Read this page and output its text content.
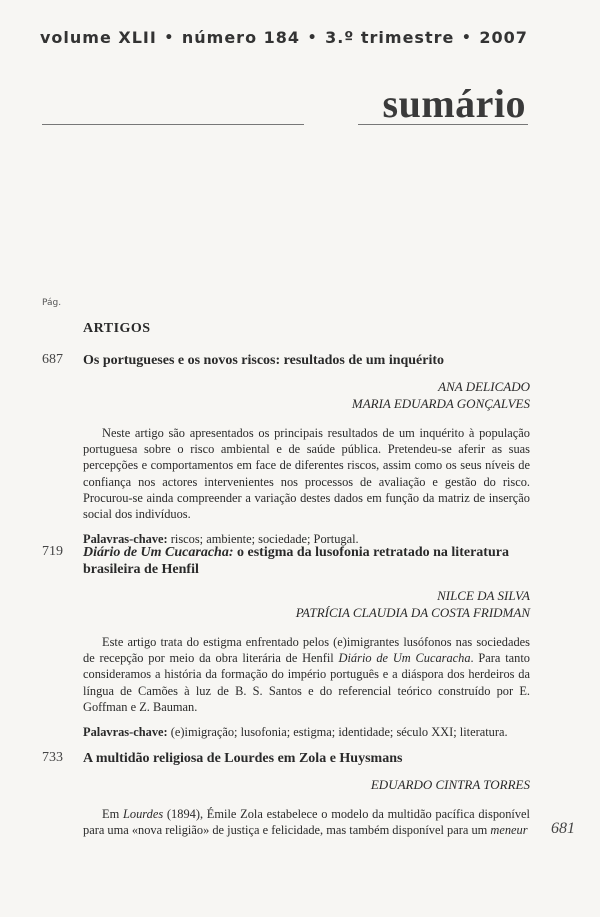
volume XLII • número 184 • 3.º trimestre • 2007
sumário
Pág.
ARTIGOS
687	Os portugueses e os novos riscos: resultados de um inquérito
ANA DELICADO
MARIA EDUARDA GONÇALVES
Neste artigo são apresentados os principais resultados de um inquérito à população portuguesa sobre o risco ambiental e de saúde pública. Pretendeu-se aferir as suas percepções e comportamentos em face de diferentes riscos, assim como os seus níveis de confiança nos actores intervenientes nos processos de avaliação e gestão do risco. Procurou-se ainda compreender a variação destes dados em função da matriz de inserção social dos indivíduos.
Palavras-chave: riscos; ambiente; sociedade; Portugal.
719	Diário de Um Cucaracha: o estigma da lusofonia retratado na literatura brasileira de Henfil
NILCE DA SILVA
PATRÍCIA CLAUDIA DA COSTA FRIDMAN
Este artigo trata do estigma enfrentado pelos (e)imigrantes lusófonos nas sociedades de recepção por meio da obra literária de Henfil Diário de Um Cucaracha. Para tanto consideramos a história da formação do império português e a diáspora dos herdeiros da língua de Camões à luz de B. S. Santos e do referencial teórico construído por E. Goffman e Z. Bauman.
Palavras-chave: (e)imigração; lusofonia; estigma; identidade; século XXI; literatura.
733	A multidão religiosa de Lourdes em Zola e Huysmans
EDUARDO CINTRA TORRES
Em Lourdes (1894), Émile Zola estabelece o modelo da multidão pacífica disponível para uma «nova religião» de justiça e felicidade, mas também disponível para um meneur 681
